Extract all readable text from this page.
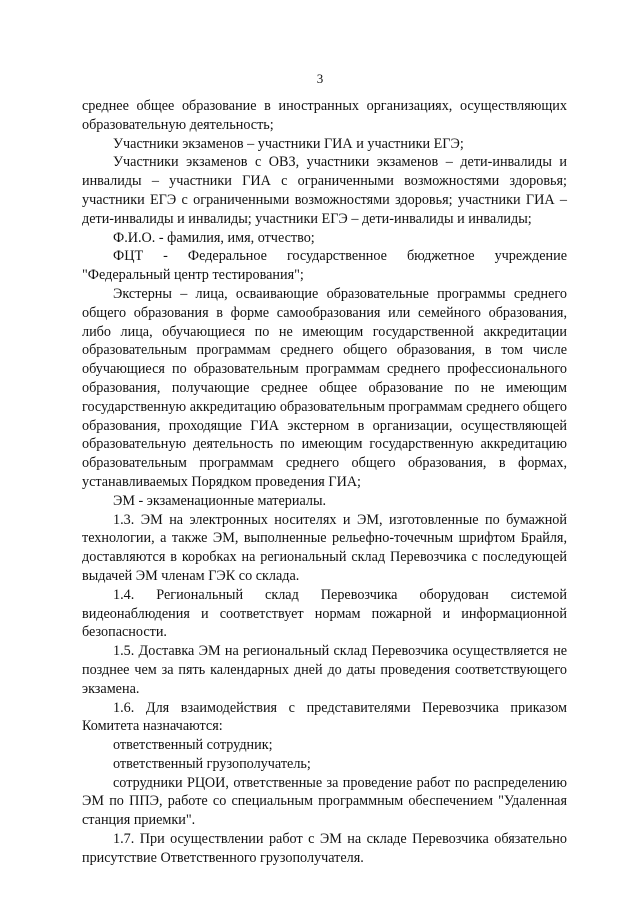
3

среднее общее образование в иностранных организациях, осуществляющих образовательную деятельность;

Участники экзаменов – участники ГИА и участники ЕГЭ;

Участники экзаменов с ОВЗ, участники экзаменов – дети-инвалиды и инвалиды – участники ГИА с ограниченными возможностями здоровья; участники ЕГЭ с ограниченными возможностями здоровья; участники ГИА – дети-инвалиды и инвалиды; участники ЕГЭ – дети-инвалиды и инвалиды;

Ф.И.О. - фамилия, имя, отчество;

ФЦТ - Федеральное государственное бюджетное учреждение "Федеральный центр тестирования";

Экстерны – лица, осваивающие образовательные программы среднего общего образования в форме самообразования или семейного образования, либо лица, обучающиеся по не имеющим государственной аккредитации образовательным программам среднего общего образования, в том числе обучающиеся по образовательным программам среднего профессионального образования, получающие среднее общее образование по не имеющим государственную аккредитацию образовательным программам среднего общего образования, проходящие ГИА экстерном в организации, осуществляющей образовательную деятельность по имеющим государственную аккредитацию образовательным программам среднего общего образования, в формах, устанавливаемых Порядком проведения ГИА;

ЭМ - экзаменационные материалы.

1.3. ЭМ на электронных носителях и ЭМ, изготовленные по бумажной технологии, а также ЭМ, выполненные рельефно-точечным шрифтом Брайля, доставляются в коробках на региональный склад Перевозчика с последующей выдачей ЭМ членам ГЭК со склада.

1.4. Региональный склад Перевозчика оборудован системой видеонаблюдения и соответствует нормам пожарной и информационной безопасности.

1.5. Доставка ЭМ на региональный склад Перевозчика осуществляется не позднее чем за пять календарных дней до даты проведения соответствующего экзамена.

1.6. Для взаимодействия с представителями Перевозчика приказом Комитета назначаются:

ответственный сотрудник;

ответственный грузополучатель;

сотрудники РЦОИ, ответственные за проведение работ по распределению ЭМ по ППЭ, работе со специальным программным обеспечением "Удаленная станция приемки".

1.7. При осуществлении работ с ЭМ на складе Перевозчика обязательно присутствие Ответственного грузополучателя.
